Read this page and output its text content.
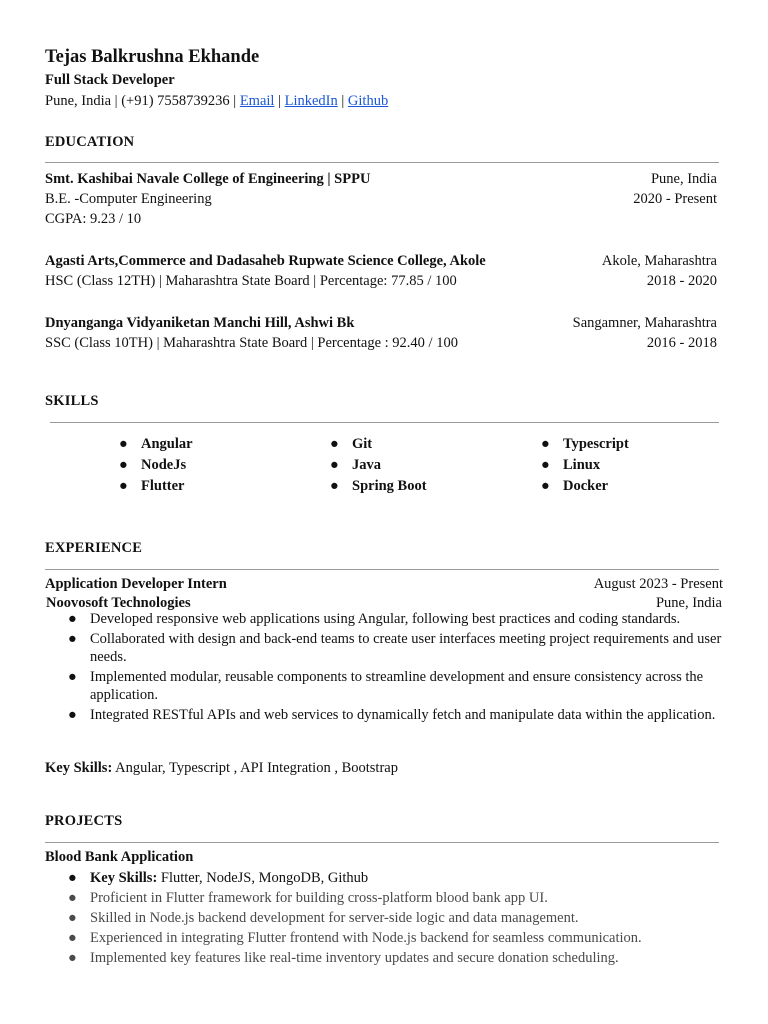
Tejas Balkrushna Ekhande
Full Stack Developer
Pune, India | (+91) 7558739236 | Email | LinkedIn | Github
EDUCATION
Smt. Kashibai Navale College of Engineering | SPPU	Pune, India
B.E. -Computer Engineering	2020 - Present
CGPA: 9.23 / 10
Agasti Arts,Commerce and Dadasaheb Rupwate Science College, Akole	Akole, Maharashtra
HSC (Class 12TH) | Maharashtra State Board | Percentage: 77.85 / 100	2018 - 2020
Dnyanganga Vidyaniketan Manchi Hill, Ashwi Bk	Sangamner, Maharashtra
SSC (Class 10TH) | Maharashtra State Board | Percentage : 92.40 / 100	2016 - 2018
SKILLS
● Angular
● NodeJs
● Flutter
● Git
● Java
● Spring Boot
● Typescript
● Linux
● Docker
EXPERIENCE
Application Developer Intern	August 2023 - Present
Noovosoft Technologies	Pune, India
● Developed responsive web applications using Angular, following best practices and coding standards.
● Collaborated with design and back-end teams to create user interfaces meeting project requirements and user needs.
● Implemented modular, reusable components to streamline development and ensure consistency across the application.
● Integrated RESTful APIs and web services to dynamically fetch and manipulate data within the application.
Key Skills: Angular, Typescript , API Integration , Bootstrap
PROJECTS
Blood Bank Application
● Key Skills: Flutter, NodeJS, MongoDB, Github
● Proficient in Flutter framework for building cross-platform blood bank app UI.
● Skilled in Node.js backend development for server-side logic and data management.
● Experienced in integrating Flutter frontend with Node.js backend for seamless communication.
● Implemented key features like real-time inventory updates and secure donation scheduling.
